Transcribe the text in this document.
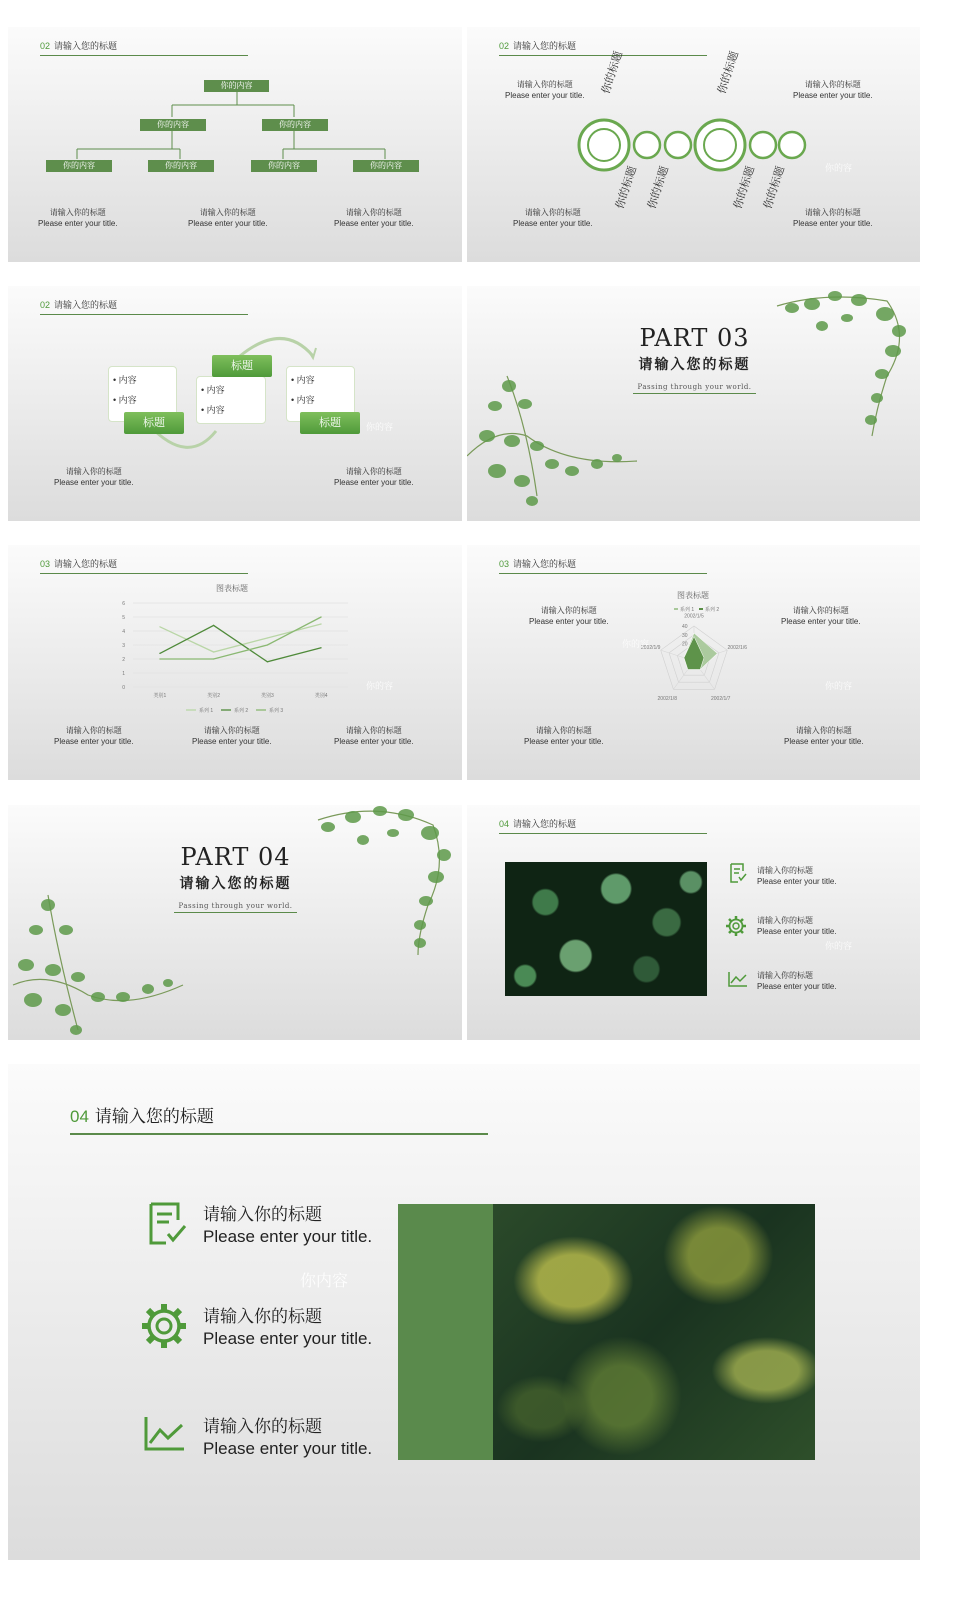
02 请输入您的标题
你的内容
你的内容	你的内容
你的内容	你的内容	你的内容	你的内容
请输入你的标题
Please enter your title.
请输入你的标题
Please enter your title.
请输入你的标题
Please enter your title.
02 请输入您的标题
请输入你的标题
Please enter your title.
请输入你的标题
Please enter your title.
请输入你的标题
Please enter your title.
请输入你的标题
Please enter your title.
你的标题
你的标题 你的标题
你的标题
你的标题 你的标题	你的容
02 请输入您的标题
• 内容
• 内容
• 内容
• 内容
• 内容
• 内容
标题
标题	标题	你的容
请输入你的标题
Please enter your title.
请输入你的标题
Please enter your title.
PART 03
请输入您的标题
Passing through your world.
03 请输入您的标题
图表标题
0
1
2
3
4
5
6
类别1	类别2	类别3	类别4
系列 1	系列 2	系列 3
你的容
请输入你的标题
Please enter your title.
请输入你的标题
Please enter your title.
请输入你的标题
Please enter your title.
03 请输入您的标题
图表标题
2002/1/5
2002/1/6
2002/1/7
2002/1/8
2002/1/9
20
30
40
系列 1 系列 2
你的容
你的容
请输入你的标题
Please enter your title.
请输入你的标题
Please enter your title.
请输入你的标题
Please enter your title.
请输入你的标题
Please enter your title.
PART 04
请输入您的标题
Passing through your world.
04 请输入您的标题
请输入你的标题
Please enter your title.
请输入你的标题
Please enter your title.
你的容
请输入你的标题
Please enter your title.
04 请输入您的标题
请输入你的标题
Please enter your title.
你内容
请输入你的标题
Please enter your title.
请输入你的标题
Please enter your title.
